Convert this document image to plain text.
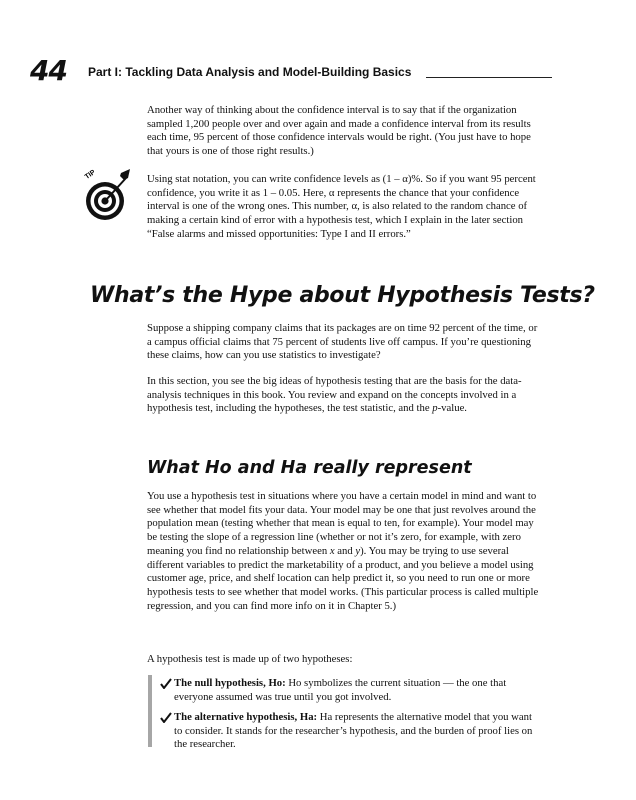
44 Part I: Tackling Data Analysis and Model-Building Basics

Another way of thinking about the confidence interval is to say that if the organization sampled 1,200 people over and over again and made a confidence interval from its results each time, 95 percent of those confidence intervals would be right. (You just have to hope that yours is one of those right results.)

TIP	Using stat notation, you can write confidence levels as (1 – α)%. So if you want 95 percent confidence, you write it as 1 – 0.05. Here, α represents the chance that your confidence interval is one of the wrong ones. This number, α, is also related to the random chance of making a certain kind of error with a hypothesis test, which I explain in the later section “False alarms and missed opportunities: Type I and II errors.”

What’s the Hype about Hypothesis Tests?

Suppose a shipping company claims that its packages are on time 92 percent of the time, or a campus official claims that 75 percent of students live off campus. If you’re questioning these claims, how can you use statistics to investigate?

In this section, you see the big ideas of hypothesis testing that are the basis for the data-analysis techniques in this book. You review and expand on the concepts involved in a hypothesis test, including the hypotheses, the test statistic, and the p-value.

What Ho and Ha really represent

You use a hypothesis test in situations where you have a certain model in mind and want to see whether that model fits your data. Your model may be one that just revolves around the population mean (testing whether that mean is equal to ten, for example). Your model may be testing the slope of a regression line (whether or not it’s zero, for example, with zero meaning you find no relationship between x and y). You may be trying to use several different variables to predict the marketability of a product, and you believe a model using customer age, price, and shelf location can help predict it, so you need to run one or more hypothesis tests to see whether that model works. (This particular process is called multiple regression, and you can find more info on it in Chapter 5.)

A hypothesis test is made up of two hypotheses:

The null hypothesis, Ho: Ho symbolizes the current situation — the one that everyone assumed was true until you got involved.
The alternative hypothesis, Ha: Ha represents the alternative model that you want to consider. It stands for the researcher’s hypothesis, and the burden of proof lies on the researcher.
